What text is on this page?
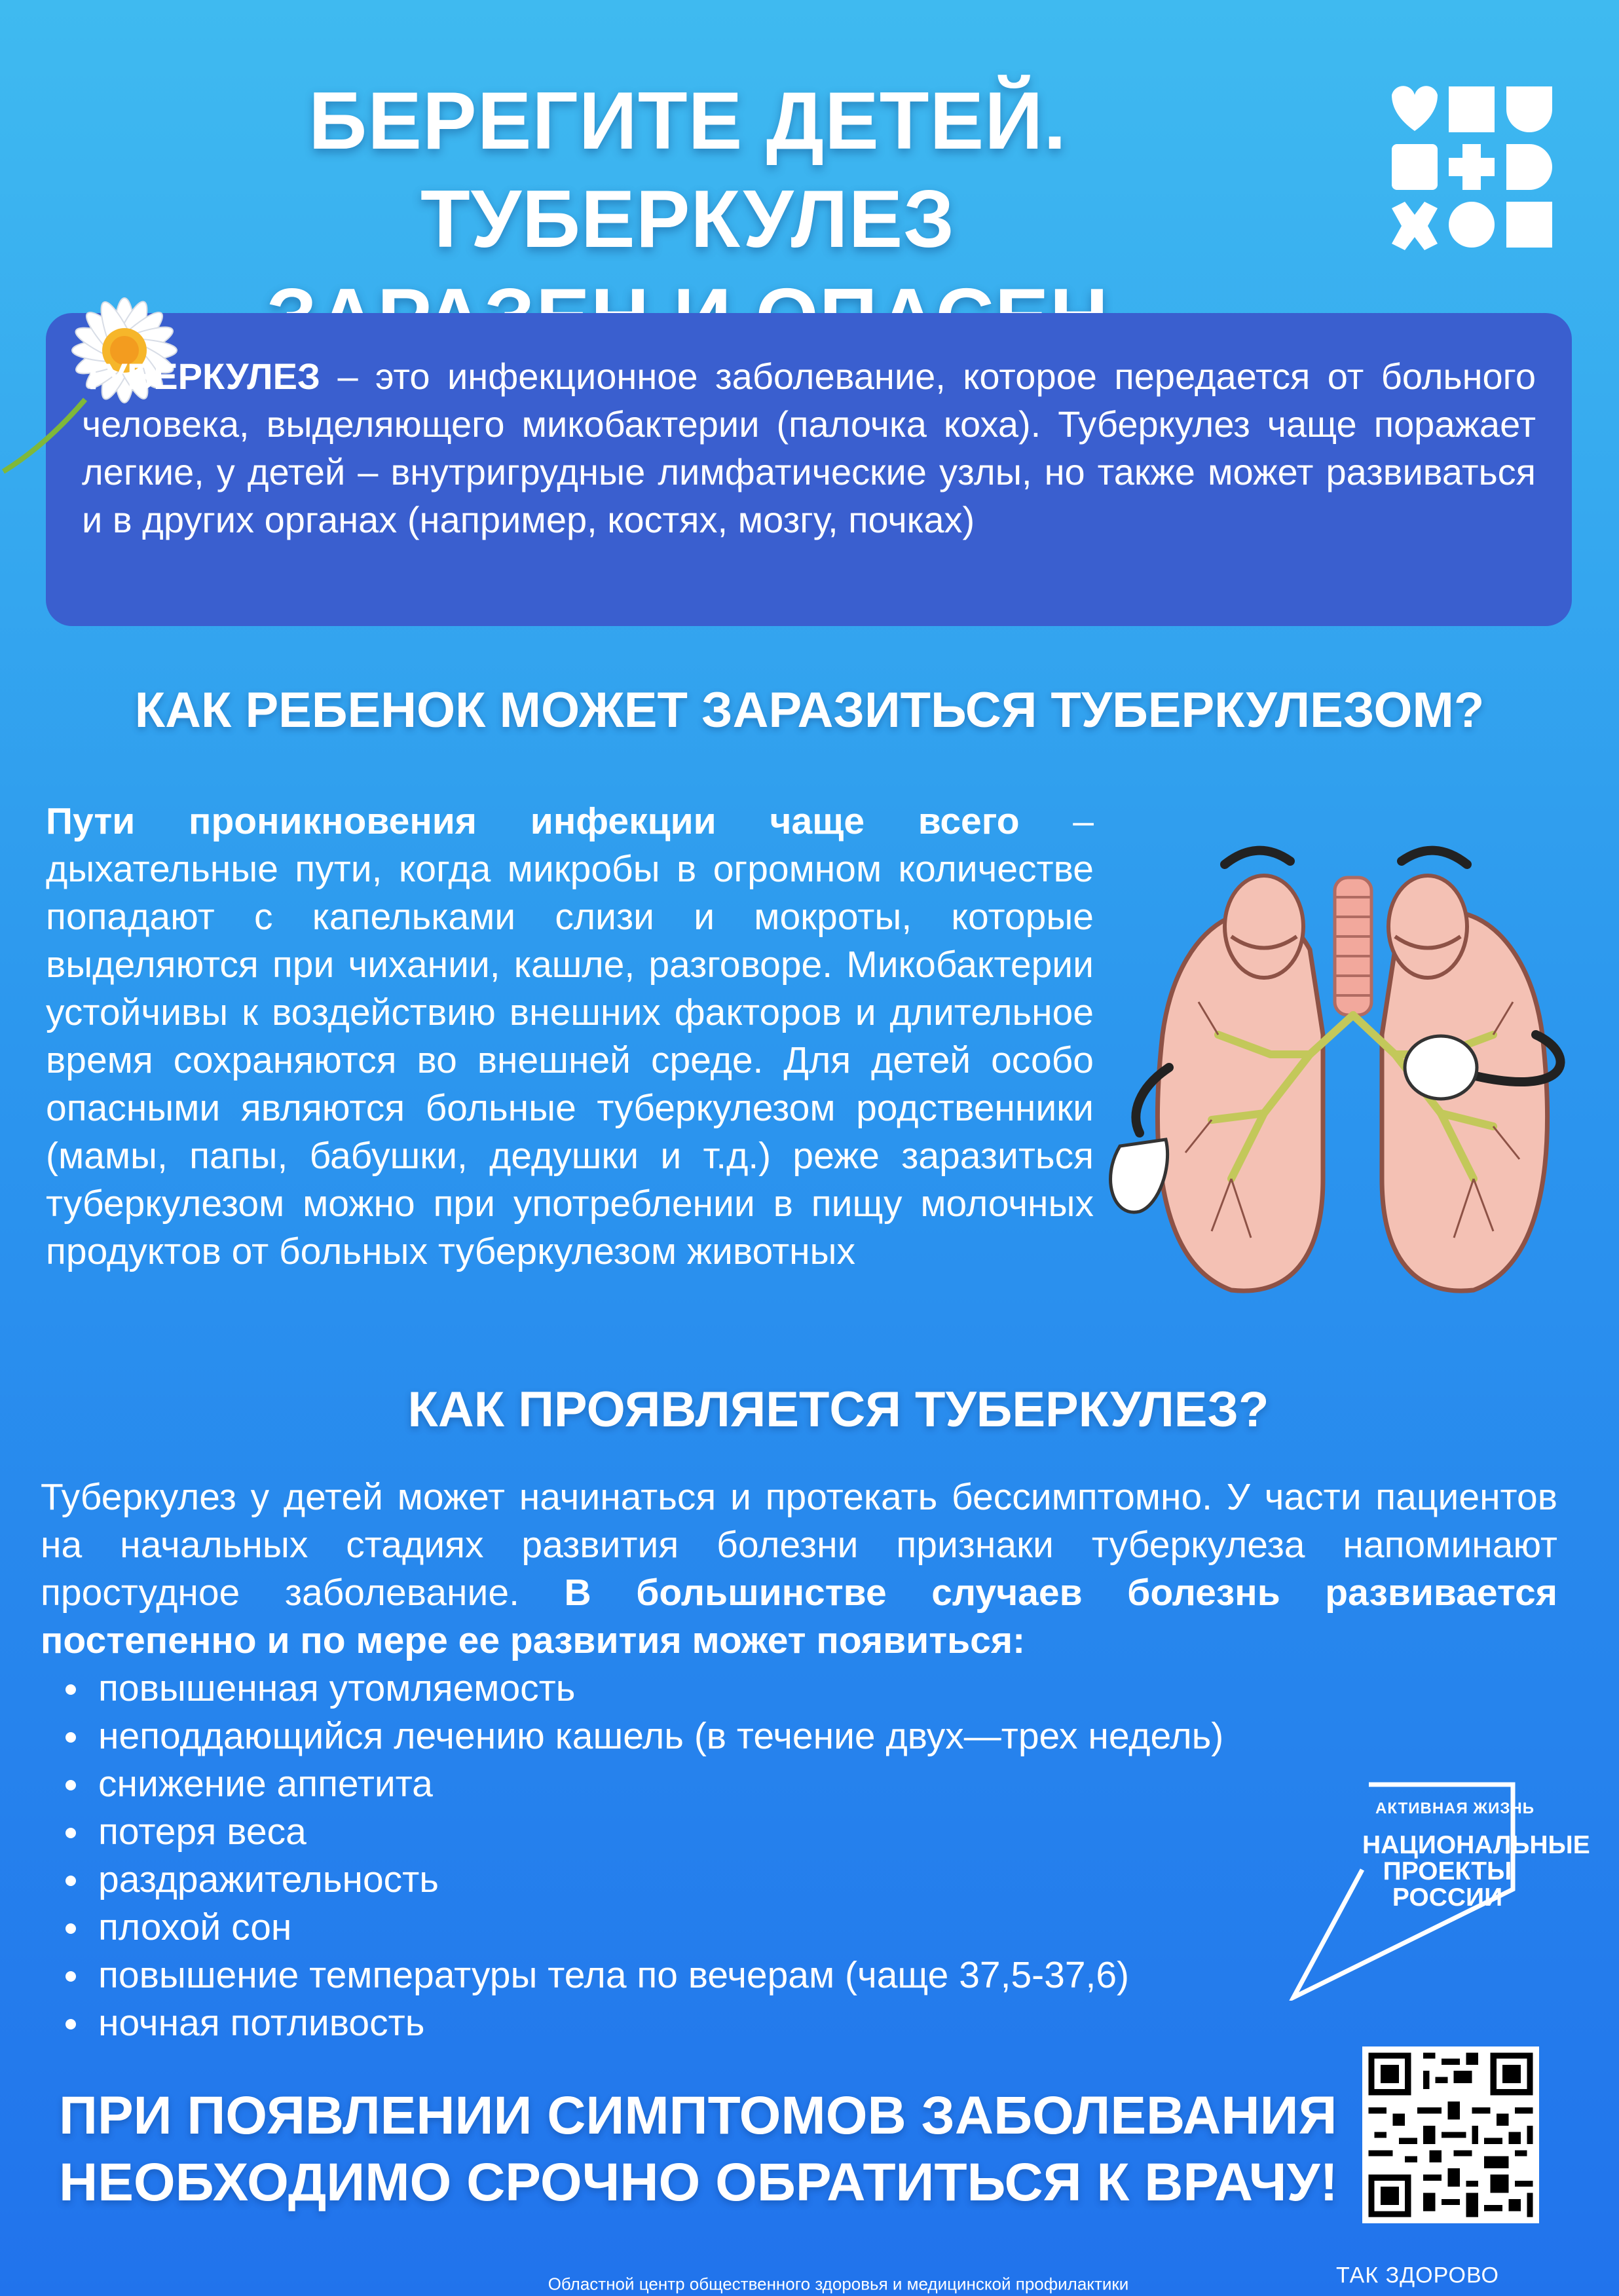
БЕРЕГИТЕ ДЕТЕЙ. ТУБЕРКУЛЕЗ

ТУБЕРКУЛЕЗ – это инфекционное заболевание, которое передается от больного человека, выделяющего микобактерии (палочка коха). Туберкулез чаще поражает легкие, у детей – внутригрудные лимфатические узлы, но также может развиваться и в других органах (например, костях, мозгу, почках)

КАК РЕБЕНОК МОЖЕТ ЗАРАЗИТЬСЯ ТУБЕРКУЛЕЗОМ?

Пути проникновения инфекции чаще всего – дыхательные пути, когда микробы в огромном количестве попадают с капельками слизи и мокроты, которые выделяются при чихании, кашле, разговоре. Микобактерии устойчивы к воздействию внешних факторов и длительное время сохраняются во внешней среде. Для детей особо опасными являются больные туберкулезом родственники (мамы, папы, бабушки, дедушки и т.д.) реже заразиться туберкулезом можно при употреблении в пищу молочных продуктов от больных туберкулезом животных

КАК ПРОЯВЛЯЕТСЯ ТУБЕРКУЛЕЗ?

Туберкулез у детей может начинаться и протекать бессимптомно. У части пациентов на начальных стадиях развития болезни признаки туберкулеза напоминают простудное заболевание. В большинстве случаев болезнь развивается постепенно и по мере ее развития может появиться:

повышенная утомляемость
неподдающийся лечению кашель (в течение двух—трех недель)
снижение аппетита
потеря веса
раздражительность
плохой сон
повышение температуры тела по вечерам (чаще 37,5-37,6)
ночная потливость
АКТИВНАЯ ЖИЗНЬ
НАЦИОНАЛЬНЫЕ
ПРОЕКТЫ
РОССИИ

ПРИ ПОЯВЛЕНИИ СИМПТОМОВ ЗАБОЛЕВАНИЯ
НЕОБХОДИМО СРОЧНО ОБРАТИТЬСЯ К ВРАЧУ!

ТАК ЗДОРОВО

Областной центр общественного здоровья и медицинской профилактики
